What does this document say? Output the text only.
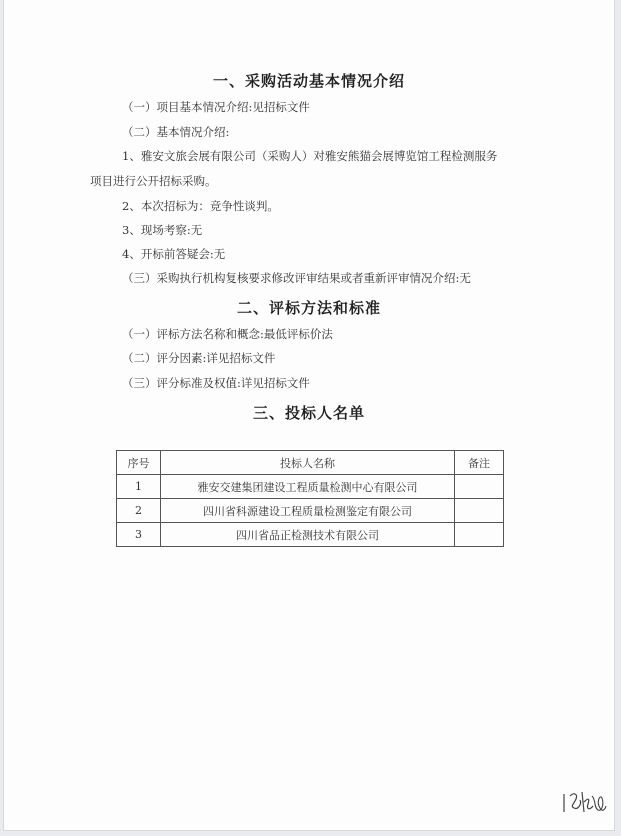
一、采购活动基本情况介绍
（一）项目基本情况介绍:见招标文件
（二）基本情况介绍:
1、雅安文旅会展有限公司（采购人）对雅安熊猫会展博览馆工程检测服务
项目进行公开招标采购。
2、本次招标为：竞争性谈判。
3、现场考察:无
4、开标前答疑会:无
（三）采购执行机构复核要求修改评审结果或者重新评审情况介绍:无
二、评标方法和标准
（一）评标方法名称和概念:最低评标价法
（二）评分因素:详见招标文件
（三）评分标准及权值:详见招标文件
三、投标人名单
序号	投标人名称	备注
1	雅安交建集团建设工程质量检测中心有限公司	
2	四川省科源建设工程质量检测鉴定有限公司	
3	四川省品正检测技术有限公司	
